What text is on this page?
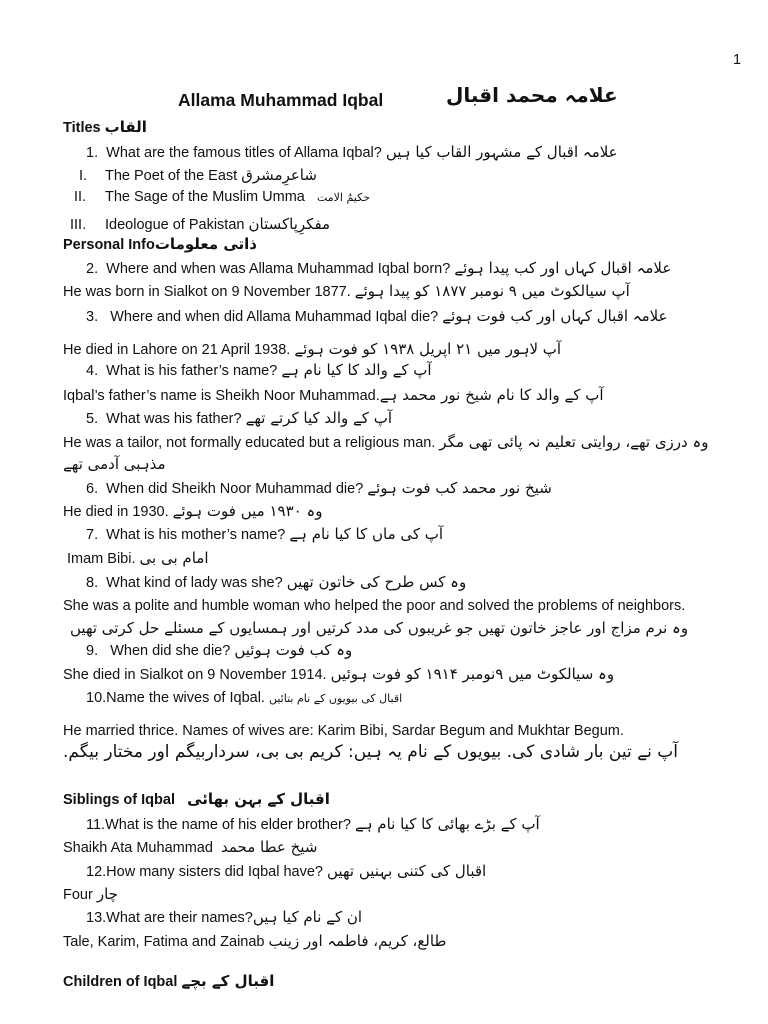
1
Allama Muhammad Iqbal	علامہ محمد اقبال
Titles القاب
1. What are the famous titles of Allama Iqbal? علامہ اقبال کے مشہور القاب کیا ہیں
I. The Poet of the East شاعرِمشرق
II. The Sage of the Muslim Umma حکیمُ الامت
III. Ideologue of Pakistan مفکرِپاکستان
Personal Infoذاتی معلومات
2. Where and when was Allama Muhammad Iqbal born? علامہ اقبال کہاں اور کب پیدا ہوئے
He was born in Sialkot on 9 November 1877. آپ سیالکوٹ میں ۹ نومبر ۱۸۷۷ کو پیدا ہوئے
3. Where and when did Allama Muhammad Iqbal die? علامہ اقبال کہاں اور کب فوت ہوئے
He died in Lahore on 21 April 1938. آپ لاہور میں ۲۱ اپریل ۱۹۳۸ کو فوت ہوئے
4. What is his father’s name? آپ کے والد کا کیا نام ہے
Iqbal’s father’s name is Sheikh Noor Muhammad.آپ کے والد کا نام شیخ نور محمد ہے
5. What was his father? آپ کے والد کیا کرتے تھے
He was a tailor, not formally educated but a religious man. وہ درزی تھے، روایتی تعلیم نہ پائی تھی مگر
مذہبی آدمی تھے
6. When did Sheikh Noor Muhammad die? شیخ نور محمد کب فوت ہوئے
He died in 1930. وہ ۱۹۳۰ میں فوت ہوئے
7. What is his mother’s name? آپ کی ماں کا کیا نام ہے
Imam Bibi. امام بی بی
8. What kind of lady was she? وہ کس طرح کی خاتون تھیں
She was a polite and humble woman who helped the poor and solved the problems of neighbors.
وہ نرم مزاج اور عاجز خاتون تھیں جو غریبوں کی مدد کرتیں اور ہمسایوں کے مسئلے حل کرتی تھیں
9. When did she die? وہ کب فوت ہوئیں
She died in Sialkot on 9 November 1914. وہ سیالکوٹ میں ۹نومبر ۱۹۱۴ کو فوت ہوئیں
10.Name the wives of Iqbal. اقبال کی بیویوں کے نام بتائیں
He married thrice. Names of wives are: Karim Bibi, Sardar Begum and Mukhtar Begum.
آپ نے تین بار شادی کی. بیویوں کے نام یہ ہیں: کریم بی بی، سرداربیگم اور مختار بیگم.
Siblings of Iqbal اقبال کے بہن بھائی
11.What is the name of his elder brother? آپ کے بڑے بھائی کا کیا نام ہے
Shaikh Ata Muhammad شیخ عطا محمد
12.How many sisters did Iqbal have? اقبال کی کتنی بہنیں تھیں
Four چار
13.What are their names?ان کے نام کیا ہیں
Tale, Karim, Fatima and Zainab طالع، کریم، فاطمہ اور زینب
Children of Iqbal اقبال کے بچے
